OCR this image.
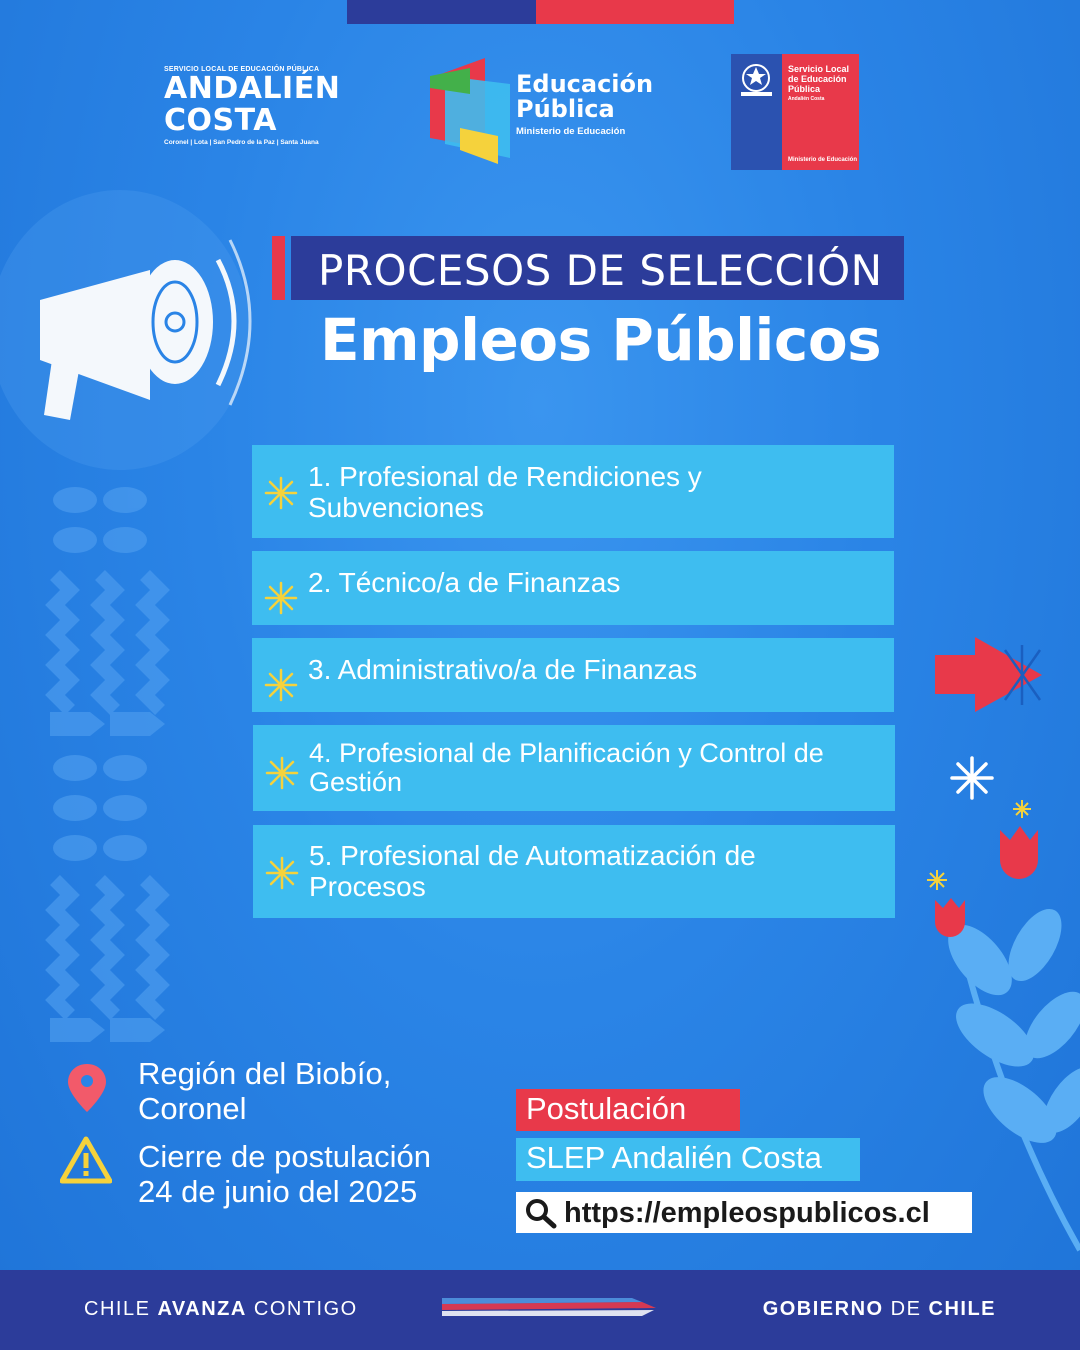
SERVICIO LOCAL DE EDUCACIÓN PÚBLICA
ANDALIÉN
COSTA
Coronel | Lota | San Pedro de la Paz | Santa Juana
Educación
Pública
Ministerio de Educación
Servicio Local de Educación Pública
Andalién Costa
Ministerio de Educación
PROCESOS DE SELECCIÓN
Empleos Públicos
1. Profesional de Rendiciones y Subvenciones
2. Técnico/a de Finanzas
3. Administrativo/a de Finanzas
4. Profesional de Planificación y Control de Gestión
5. Profesional de Automatización de Procesos
Región del Biobío,
Coronel
Cierre de postulación
24 de junio del 2025
Postulación
SLEP Andalién Costa
https://empleospublicos.cl
CHILE AVANZA CONTIGO	GOBIERNO DE CHILE
